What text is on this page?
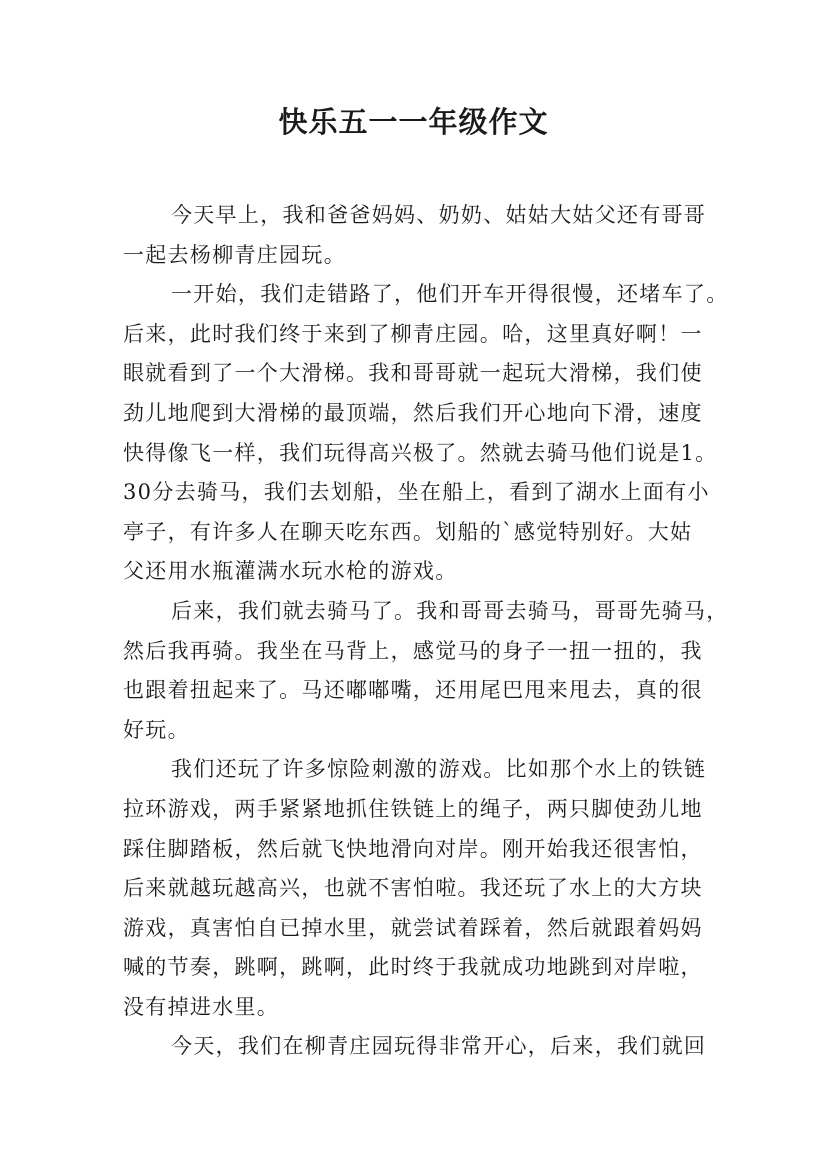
快乐五一一年级作文
今天早上，我和爸爸妈妈、奶奶、姑姑大姑父还有哥哥
一起去杨柳青庄园玩。
一开始，我们走错路了，他们开车开得很慢，还堵车了。
后来，此时我们终于来到了柳青庄园。哈，这里真好啊！一
眼就看到了一个大滑梯。我和哥哥就一起玩大滑梯，我们使
劲儿地爬到大滑梯的最顶端，然后我们开心地向下滑，速度
快得像飞一样，我们玩得高兴极了。然就去骑马他们说是1。
30分去骑马，我们去划船，坐在船上，看到了湖水上面有小
亭子，有许多人在聊天吃东西。划船的`感觉特别好。大姑
父还用水瓶灌满水玩水枪的游戏。
后来，我们就去骑马了。我和哥哥去骑马，哥哥先骑马，
然后我再骑。我坐在马背上，感觉马的身子一扭一扭的，我
也跟着扭起来了。马还嘟嘟嘴，还用尾巴甩来甩去，真的很
好玩。
我们还玩了许多惊险刺激的游戏。比如那个水上的铁链
拉环游戏，两手紧紧地抓住铁链上的绳子，两只脚使劲儿地
踩住脚踏板，然后就飞快地滑向对岸。刚开始我还很害怕，
后来就越玩越高兴，也就不害怕啦。我还玩了水上的大方块
游戏，真害怕自已掉水里，就尝试着踩着，然后就跟着妈妈
喊的节奏，跳啊，跳啊，此时终于我就成功地跳到对岸啦，
没有掉进水里。
今天，我们在柳青庄园玩得非常开心，后来，我们就回
